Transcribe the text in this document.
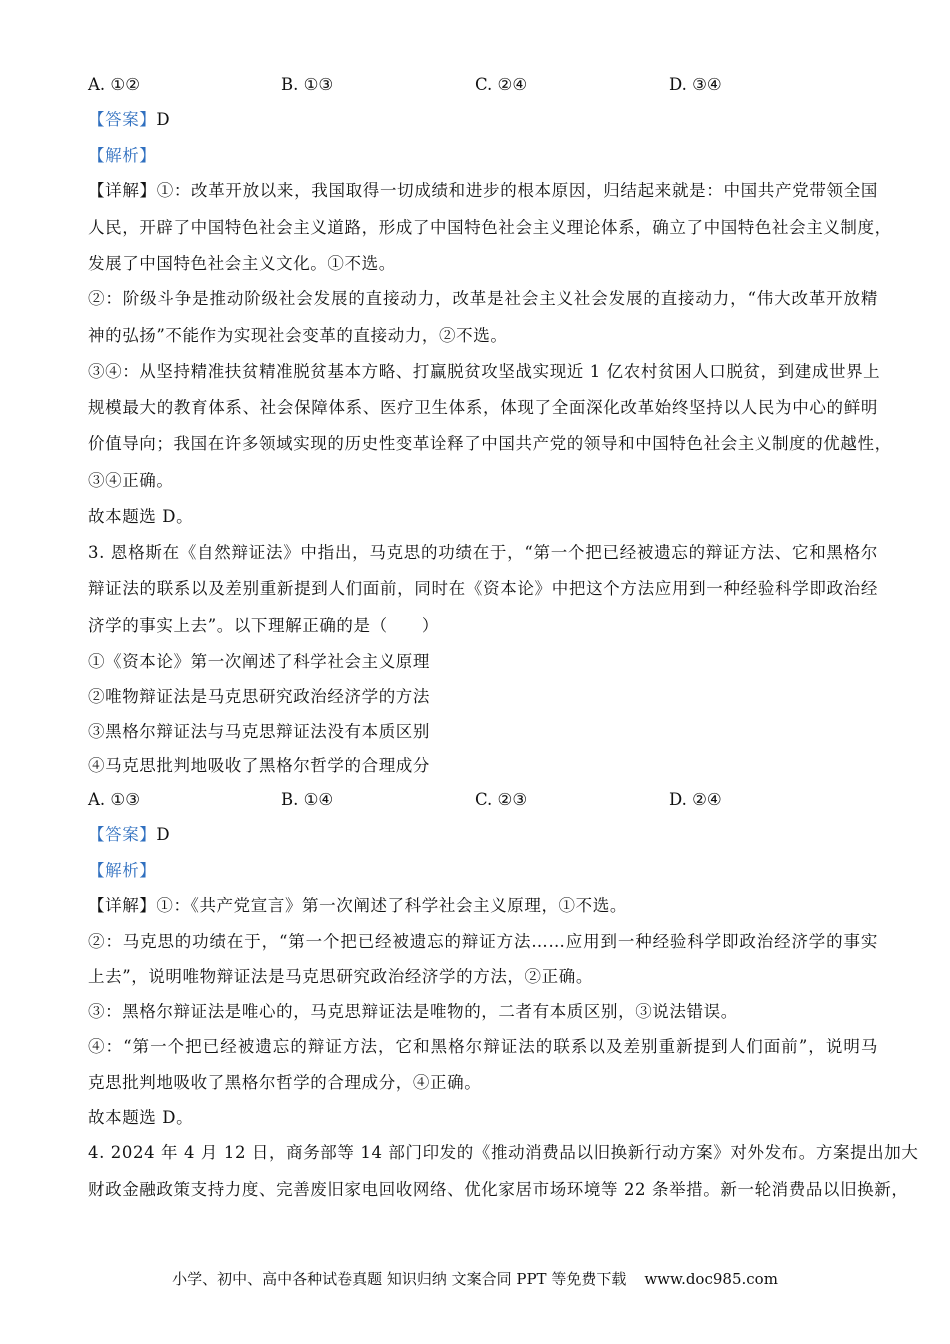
A. ①②	B. ①③	C. ②④	D. ③④
【答案】D
【解析】
【详解】①：改革开放以来，我国取得一切成绩和进步的根本原因，归结起来就是：中国共产党带领全国
人民，开辟了中国特色社会主义道路，形成了中国特色社会主义理论体系，确立了中国特色社会主义制度，
发展了中国特色社会主义文化。①不选。
②：阶级斗争是推动阶级社会发展的直接动力，改革是社会主义社会发展的直接动力，“伟大改革开放精
神的弘扬”不能作为实现社会变革的直接动力，②不选。
③④：从坚持精准扶贫精准脱贫基本方略、打赢脱贫攻坚战实现近 1 亿农村贫困人口脱贫，到建成世界上
规模最大的教育体系、社会保障体系、医疗卫生体系，体现了全面深化改革始终坚持以人民为中心的鲜明
价值导向；我国在许多领域实现的历史性变革诠释了中国共产党的领导和中国特色社会主义制度的优越性，
③④正确。
故本题选 D。
3. 恩格斯在《自然辩证法》中指出，马克思的功绩在于，“第一个把已经被遗忘的辩证方法、它和黑格尔
辩证法的联系以及差别重新提到人们面前，同时在《资本论》中把这个方法应用到一种经验科学即政治经
济学的事实上去”。以下理解正确的是（　　）
①《资本论》第一次阐述了科学社会主义原理
②唯物辩证法是马克思研究政治经济学的方法
③黑格尔辩证法与马克思辩证法没有本质区别
④马克思批判地吸收了黑格尔哲学的合理成分
A. ①③	B. ①④	C. ②③	D. ②④
【答案】D
【解析】
【详解】①：《共产党宣言》第一次阐述了科学社会主义原理，①不选。
②：马克思的功绩在于，“第一个把已经被遗忘的辩证方法……应用到一种经验科学即政治经济学的事实
上去”，说明唯物辩证法是马克思研究政治经济学的方法，②正确。
③：黑格尔辩证法是唯心的，马克思辩证法是唯物的，二者有本质区别，③说法错误。
④：“第一个把已经被遗忘的辩证方法，它和黑格尔辩证法的联系以及差别重新提到人们面前”，说明马
克思批判地吸收了黑格尔哲学的合理成分，④正确。
故本题选 D。
4. 2024 年 4 月 12 日，商务部等 14 部门印发的《推动消费品以旧换新行动方案》对外发布。方案提出加大
财政金融政策支持力度、完善废旧家电回收网络、优化家居市场环境等 22 条举措。新一轮消费品以旧换新，
小学、初中、高中各种试卷真题 知识归纳 文案合同 PPT 等免费下载 www.doc985.com
